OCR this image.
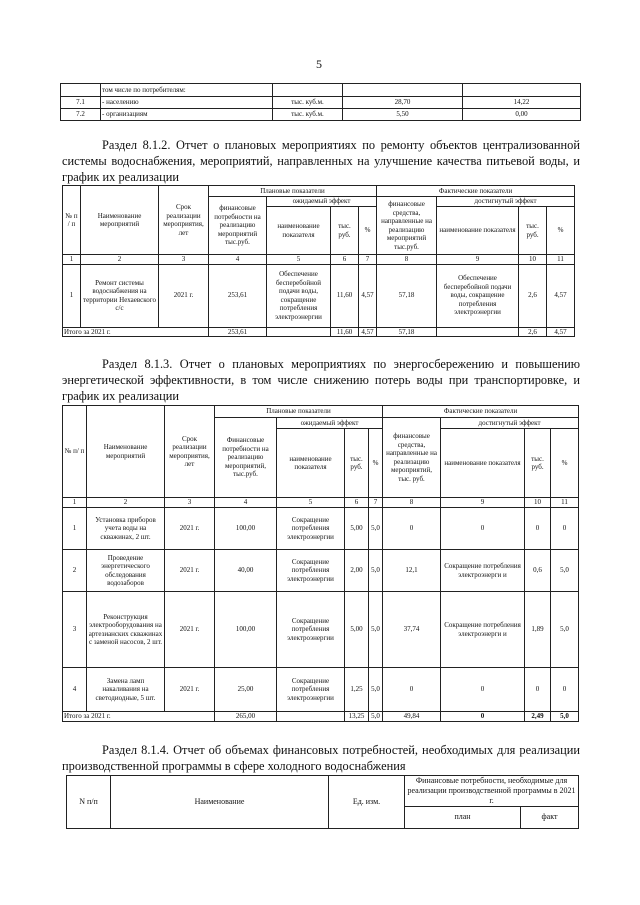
5
	том числе по потребителям:			
7.1	- населению	тыс. куб.м.	28,70	14,22
7.2	- организациям	тыс. куб.м.	5,50	0,00
Раздел 8.1.2. Отчет о плановых мероприятиях по ремонту объектов централизованной системы водоснабжения, мероприятий, направленных на улучшение качества питьевой воды, и график их реализации
№ п / п	Наименование мероприятий	Срок реализации мероприятия, лет	Плановые показатели				Фактические показатели			
			финансовые потребности на реализацию мероприятий тыс.руб.	ожидаемый эффект			финансовые средства, направленные на реализацию мероприятий тыс.руб.	достигнутый эффект		
				наименование показателя	тыс. руб.	%		наименование показателя	тыс. руб.	%
1	2	3	4	5	6	7	8	9	10	11
1	Ремонт системы водоснабжения на территории Нехаевского с/с	2021 г.	253,61	Обеспечение бесперебойной подачи воды, сокращение потребления электроэнергии	11,60	4,57	57,18	Обеспечение бесперебойной подачи воды, сокращение потребления электроэнергии	2,6	4,57
Итого за 2021 г.			253,61		11,60	4,57	57,18		2,6	4,57
Раздел 8.1.3. Отчет о плановых мероприятиях по энергосбережению и повышению энергетической эффективности, в том числе снижению потерь воды при транспортировке, и график их реализации
№ п/ п	Наименование мероприятий	Срок реализации мероприятия, лет	Плановые показатели				Фактические показатели			
			Финансовые потребности на реализацию мероприятий, тыс.руб.	ожидаемый эффект			финансовые средства, направленные на реализацию мероприятий, тыс. руб.	достигнутый эффект		
				наименование показателя	тыс. руб.	%		наименование показателя	тыс. руб.	%
1	2	3	4	5	6	7	8	9	10	11
1	Установка приборов учета воды на скважинах, 2 шт.	2021 г.	100,00	Сокращение потребления электроэнергии	5,00	5,0	0	0	0	0
2	Проведение энергетического обследования водозаборов	2021 г.	40,00	Сокращение потребления электроэнергии	2,00	5,0	12,1	Сокращение потребления электроэнерги и	0,6	5,0
3	Реконструкция электрооборудования на артезианских скважинах с заменой насосов, 2 шт.	2021 г.	100,00	Сокращение потребления электроэнергии	5,00	5,0	37,74	Сокращение потребления электроэнерги и	1,89	5,0
4	Замена ламп накаливания на светодиодные, 5 шт.	2021 г.	25,00	Сокращение потребления электроэнергии	1,25	5,0	0	0	0	0
Итого за 2021 г.			265,00		13,25	5,0	49,84	0	2,49	5,0
Раздел 8.1.4. Отчет об объемах финансовых потребностей, необходимых для реализации производственной программы в сфере холодного водоснабжения
N п/п	Наименование	Ед. изм.	Финансовые потребности, необходимые для реализации производственной программы в 2021 г.	
			план	факт
